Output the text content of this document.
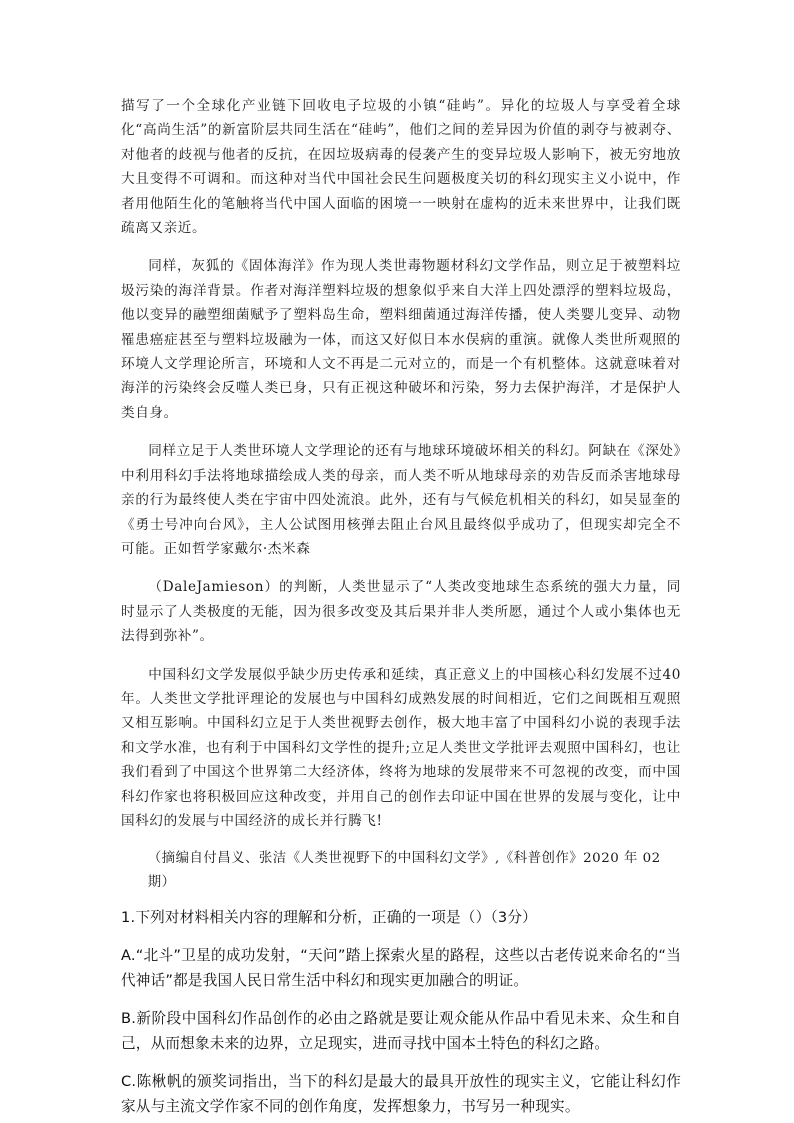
描写了一个全球化产业链下回收电子垃圾的小镇“硅屿”。异化的垃圾人与享受着全球化“高尚生活”的新富阶层共同生活在“硅屿”，他们之间的差异因为价值的剥夺与被剥夺、对他者的歧视与他者的反抗，在因垃圾病毒的侵袭产生的变异垃圾人影响下，被无穷地放大且变得不可调和。而这种对当代中国社会民生问题极度关切的科幻现实主义小说中，作者用他陌生化的笔触将当代中国人面临的困境一一映射在虚构的近未来世界中，让我们既疏离又亲近。

同样，灰狐的《固体海洋》作为现人类世毒物题材科幻文学作品，则立足于被塑料垃圾污染的海洋背景。作者对海洋塑料垃圾的想象似乎来自大洋上四处漂浮的塑料垃圾岛，他以变异的融塑细菌赋予了塑料岛生命，塑料细菌通过海洋传播，使人类婴儿变异、动物罹患癌症甚至与塑料垃圾融为一体，而这又好似日本水俣病的重演。就像人类世所观照的环境人文学理论所言，环境和人文不再是二元对立的，而是一个有机整体。这就意味着对海洋的污染终会反噬人类已身，只有正视这种破坏和污染，努力去保护海洋，才是保护人类自身。

同样立足于人类世环境人文学理论的还有与地球环境破坏相关的科幻。阿缺在《深处》中利用科幻手法将地球描绘成人类的母亲，而人类不听从地球母亲的劝告反而杀害地球母亲的行为最终使人类在宇宙中四处流浪。此外，还有与气候危机相关的科幻，如吴显奎的《勇士号冲向台风》，主人公试图用核弹去阻止台风且最终似乎成功了，但现实却完全不可能。正如哲学家戴尔·杰米森

（DaleJamieson）的判断，人类世显示了“人类改变地球生态系统的强大力量，同时显示了人类极度的无能，因为很多改变及其后果并非人类所愿，通过个人或小集体也无法得到弥补”。

中国科幻文学发展似乎缺少历史传承和延续，真正意义上的中国核心科幻发展不过40年。人类世文学批评理论的发展也与中国科幻成熟发展的时间相近，它们之间既相互观照又相互影响。中国科幻立足于人类世视野去创作，极大地丰富了中国科幻小说的表现手法和文学水准，也有利于中国科幻文学性的提升;立足人类世文学批评去观照中国科幻，也让我们看到了中国这个世界第二大经济体，终将为地球的发展带来不可忽视的改变，而中国科幻作家也将积极回应这种改变，并用自己的创作去印证中国在世界的发展与变化，让中国科幻的发展与中国经济的成长并行腾飞!

（摘编自付昌义、张洁《人类世视野下的中国科幻文学》,《科普创作》2020 年 02 期）

1.下列对材料相关内容的理解和分析，正确的一项是（）（3分）

A.“北斗”卫星的成功发射，“天问”踏上探索火星的路程，这些以古老传说来命名的“当代神话”都是我国人民日常生活中科幻和现实更加融合的明证。

B.新阶段中国科幻作品创作的必由之路就是要让观众能从作品中看见未来、众生和自己，从而想象未来的边界，立足现实，进而寻找中国本土特色的科幻之路。

C.陈楸帆的颁奖词指出，当下的科幻是最大的最具开放性的现实主义，它能让科幻作家从与主流文学作家不同的创作角度，发挥想象力，书写另一种现实。
